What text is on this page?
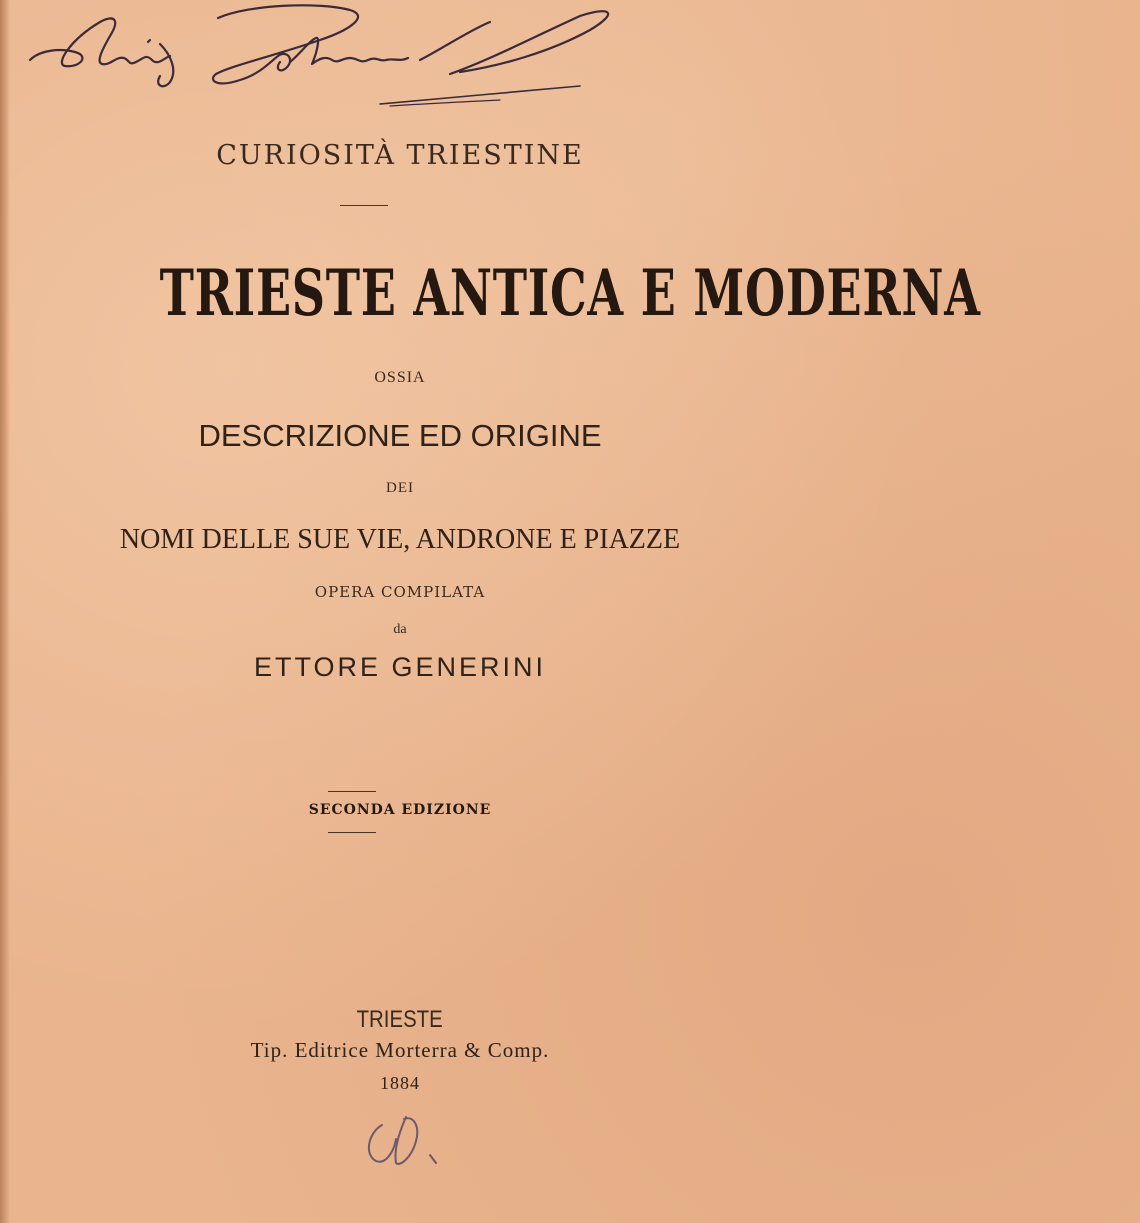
CURIOSITÀ TRIESTINE
TRIESTE ANTICA E MODERNA
OSSIA
DESCRIZIONE ED ORIGINE
DEI
NOMI DELLE SUE VIE, ANDRONE E PIAZZE
OPERA COMPILATA
da
ETTORE GENERINI
SECONDA EDIZIONE
TRIESTE
Tip. Editrice Morterra & Comp.
1884
